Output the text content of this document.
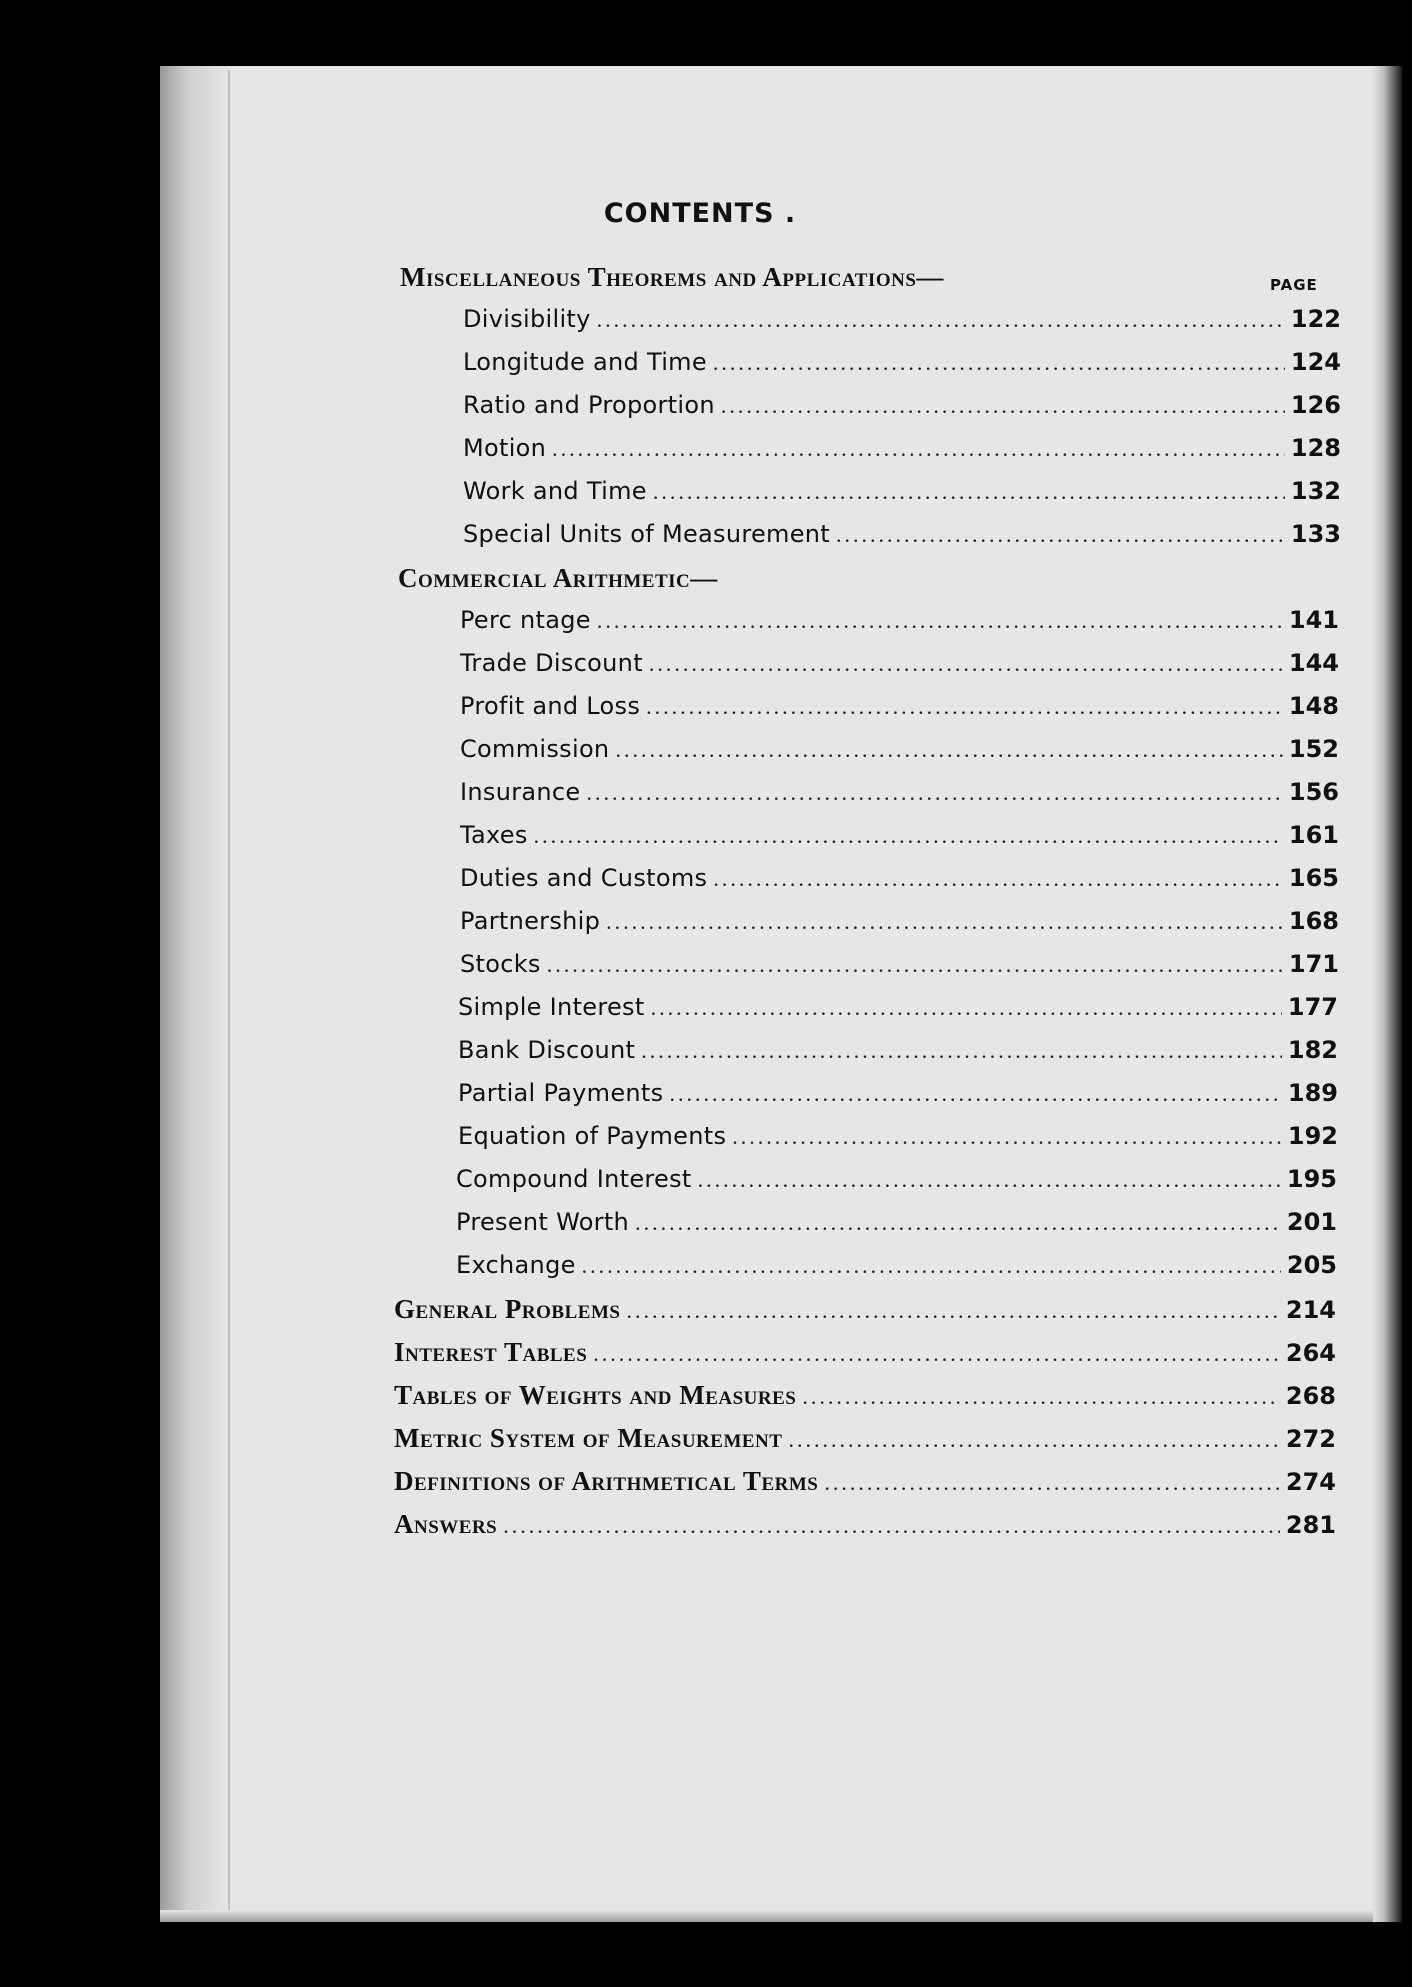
CONTENTS .
Miscellaneous Theorems and Applications—	PAGE
Divisibility .....	122
Longitude and Time .....	124
Ratio and Proportion .....	126
Motion .....	128
Work and Time .....	132
Special Units of Measurement .....	133
Commercial Arithmetic—
Perc ntage .....	141
Trade Discount .....	144
Profit and Loss .....	148
Commission .....	152
Insurance .....	156
Taxes .....	161
Duties and Customs .....	165
Partnership .....	168
Stocks .....	171
Simple Interest .....	177
Bank Discount .....	182
Partial Payments .....	189
Equation of Payments .....	192
Compound Interest .....	195
Present Worth .....	201
Exchange .....	205
General Problems .....	214
Interest Tables .....	264
Tables of Weights and Measures .....	268
Metric System of Measurement .....	272
Definitions of Arithmetical Terms .....	274
Answers .....	281
